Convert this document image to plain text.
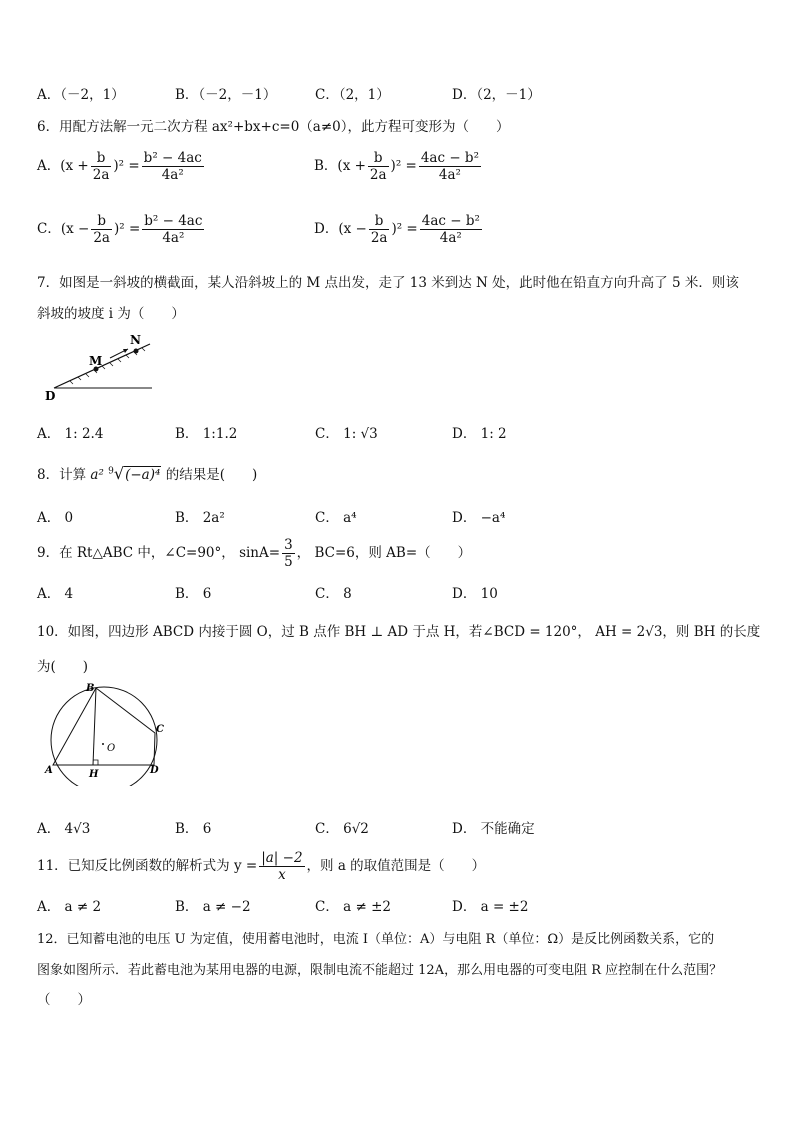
A．（－2，1）	B．（－2，－1）	C．（2，1）	D．（2，－1）
6．用配方法解一元二次方程 ax²+bx+c=0（a≠0），此方程可变形为（　　）
A．$(x + \frac{b}{2a} )^2 = \frac{\text{b² − 4ac}}{\text{4a²}}$	B．$(x + \frac{b}{2a} )^2 = \frac{\text{4ac − b²}}{\text{4a²}}$
C．$(x - \frac{b}{2a} )^2 = \frac{\text{b² − 4ac}}{\text{4a²}}$	D．$(x - \frac{b}{2a} )^2 = \frac{\text{4ac − b²}}{\text{4a²}}$
7．如图是一斜坡的横截面，某人沿斜坡上的 M 点出发，走了 13 米到达 N 处，此时他在铅直方向升高了 5 米．则该
斜坡的坡度 i 为（　　）
M
N
D
A． 1: 2.4	B． 1:1.2	C． 1: √3	D． 1: 2
8．计算 a² $^9$√(−a)⁴ 的结果是(　　)
A． 0	B． 2a²	C． a⁴	D． −a⁴
9．在 Rt△ABC 中，∠C=90°， $\sin A= \frac{3}{5}$ ， BC=6，则 AB=（　　）
A． 4	B． 6	C． 8	D． 10
10．如图，四边形 ABCD 内接于圆 O，过 B 点作 BH ⊥ AD 于点 H，若∠BCD = 120°， AH = 2√3，则 BH 的长度
为(　　)
B
C
O
A	H	D
A． 4√3	B． 6	C． 6√2	D． 不能确定
11．已知反比例函数的解析式为 $y = \frac{|a| -2}{x}$ ，则 a 的取值范围是（　　）
A． a ≠ 2	B． a ≠ −2	C． a ≠ ±2	D． a = ±2
12．已知蓄电池的电压 U 为定值，使用蓄电池时，电流 I（单位：A）与电阻 R（单位：Ω）是反比例函数关系，它的
图象如图所示．若此蓄电池为某用电器的电源，限制电流不能超过 12A，那么用电器的可变电阻 R 应控制在什么范围？
（　　）
